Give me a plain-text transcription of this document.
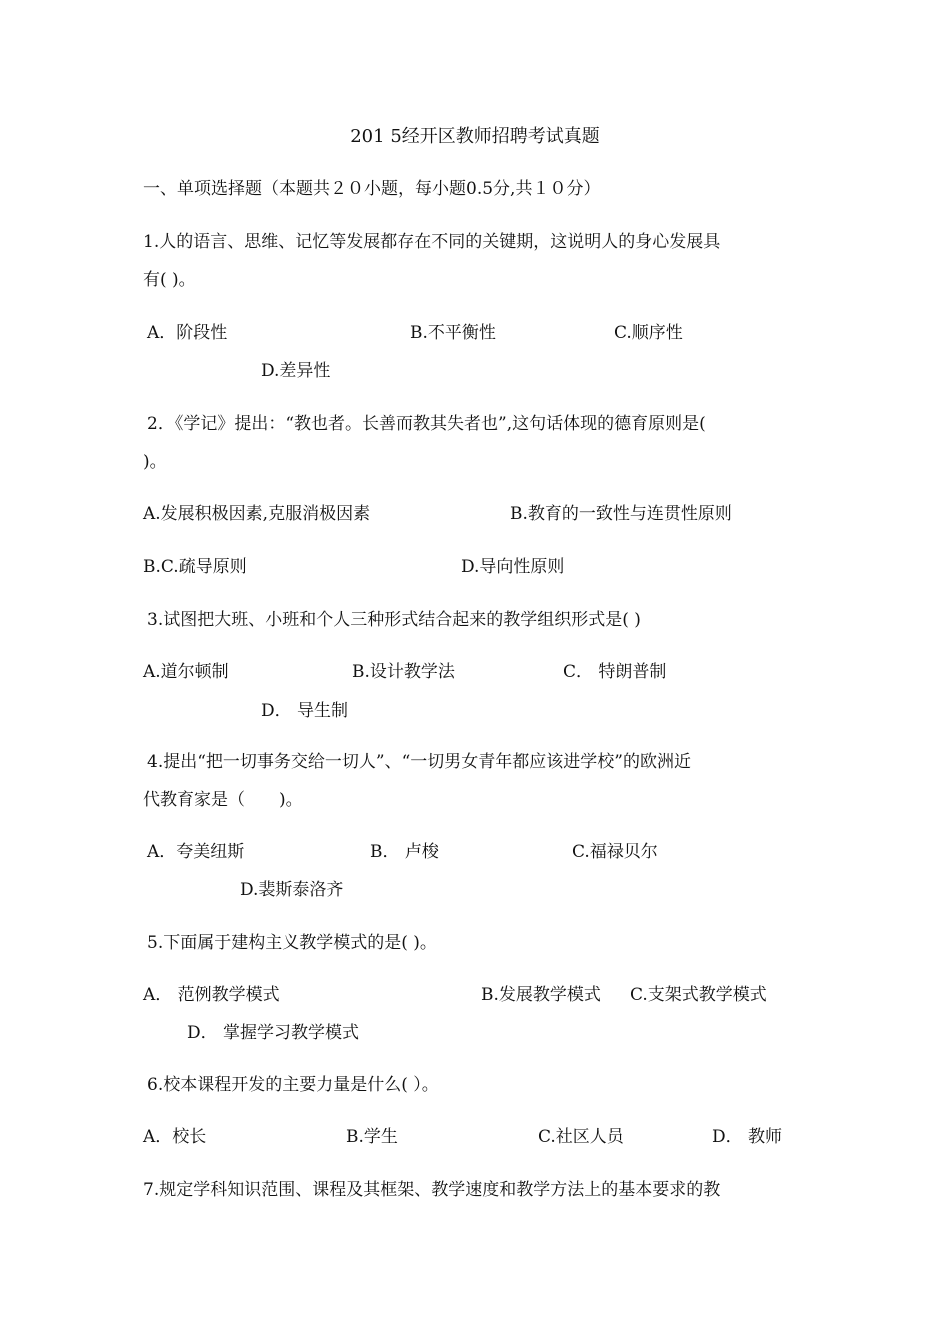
201 5经开区教师招聘考试真题
一、单项选择题（本题共２０小题，每小题0.5分,共１０分）
1.人的语言、思维、记忆等发展都存在不同的关键期，这说明人的身心发展具
有( )。
A．阶段性	B.不平衡性	C.顺序性
D.差异性
2．《学记》提出：“教也者。长善而教其失者也”,这句话体现的德育原则是(
)。
A.发展积极因素,克服消极因素	B.教育的一致性与连贯性原则
B.C.疏导原则	D.导向性原则
3.试图把大班、小班和个人三种形式结合起来的教学组织形式是( )
A.道尔顿制	B.设计教学法	C． 特朗普制
D． 导生制
4.提出“把一切事务交给一切人”、“一切男女青年都应该进学校”的欧洲近
代教育家是（　　)。
A．夸美纽斯	B． 卢梭	C.福禄贝尔
D.裴斯泰洛齐
5.下面属于建构主义教学模式的是( )。
A． 范例教学模式	B.发展教学模式 C.支架式教学模式
D． 掌握学习教学模式
6.校本课程开发的主要力量是什么( ）。
A．校长	B.学生	C.社区人员	D． 教师
7.规定学科知识范围、课程及其框架、教学速度和教学方法上的基本要求的教
